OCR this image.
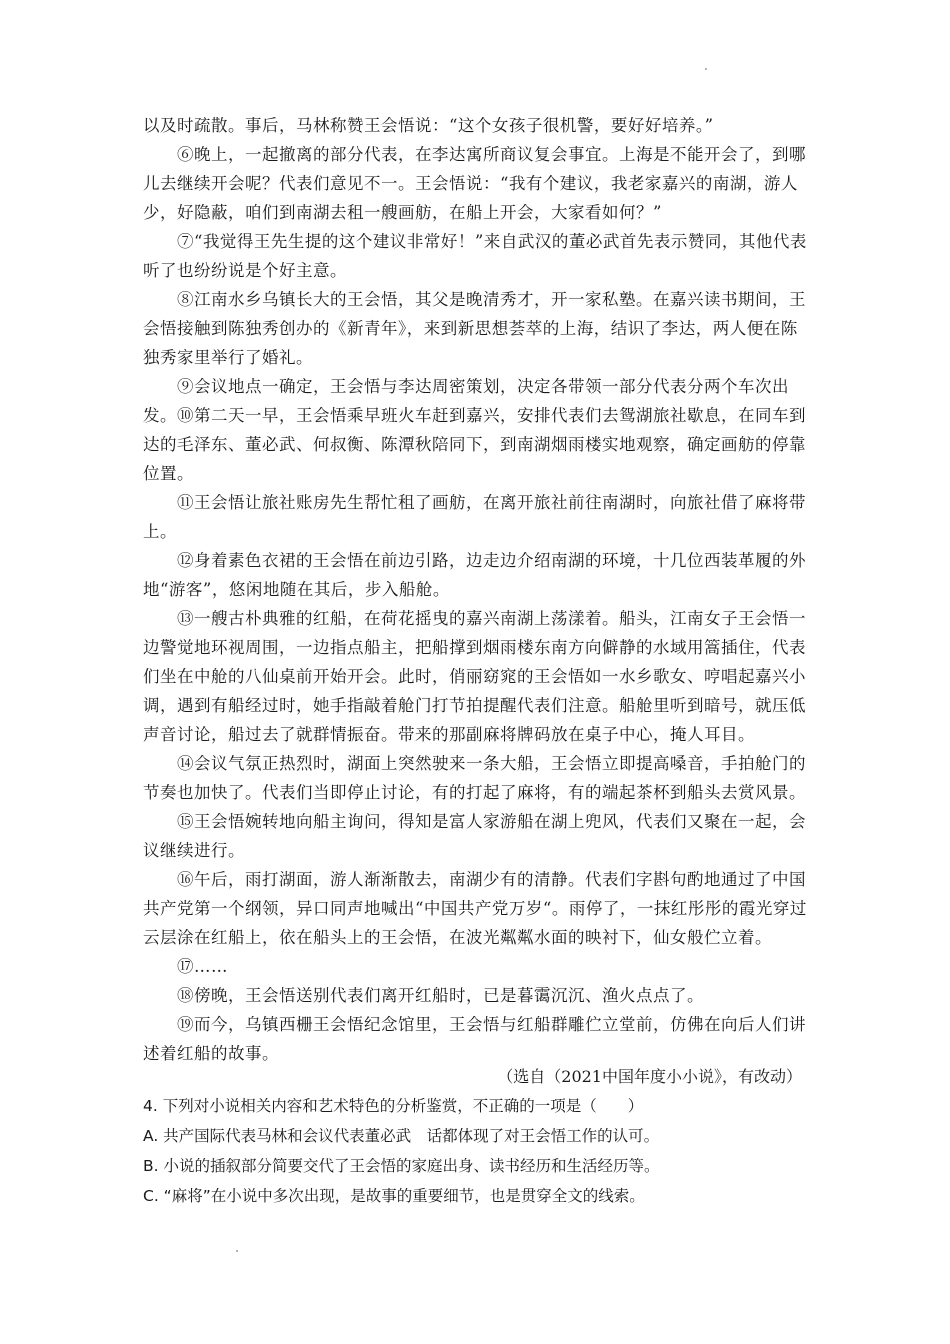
以及时疏散。事后，马林称赞王会悟说：“这个女孩子很机警，要好好培养。”

⑥晚上，一起撤离的部分代表，在李达寓所商议复会事宜。上海是不能开会了，到哪儿去继续开会呢？代表们意见不一。王会悟说：“我有个建议，我老家嘉兴的南湖，游人少，好隐蔽，咱们到南湖去租一艘画舫，在船上开会，大家看如何？”

⑦“我觉得王先生提的这个建议非常好！”来自武汉的董必武首先表示赞同，其他代表听了也纷纷说是个好主意。

⑧江南水乡乌镇长大的王会悟，其父是晚清秀才，开一家私塾。在嘉兴读书期间，王会悟接触到陈独秀创办的《新青年》，来到新思想荟萃的上海，结识了李达，两人便在陈独秀家里举行了婚礼。

⑨会议地点一确定，王会悟与李达周密策划，决定各带领一部分代表分两个车次出发。 ⑩第二天一早，王会悟乘早班火车赶到嘉兴，安排代表们去鸳湖旅社歇息，在同车到达的毛泽东、董必武、何叔衡、陈潭秋陪同下，到南湖烟雨楼实地观察，确定画舫的停靠位置。

⑪王会悟让旅社账房先生帮忙租了画舫，在离开旅社前往南湖时，向旅社借了麻将带上。

⑫身着素色衣裙的王会悟在前边引路，边走边介绍南湖的环境，十几位西装革履的外地“游客”，悠闲地随在其后，步入船舱。

⑬一艘古朴典雅的红船，在荷花摇曳的嘉兴南湖上荡漾着。船头，江南女子王会悟一边警觉地环视周围，一边指点船主，把船撑到烟雨楼东南方向僻静的水域用篙插住，代表们坐在中舱的八仙桌前开始开会。此时，俏丽窈窕的王会悟如一水乡歌女、哼唱起嘉兴小调，遇到有船经过时，她手指敲着舱门打节拍提醒代表们注意。船舱里听到暗号，就压低声音讨论，船过去了就群情振奋。带来的那副麻将牌码放在桌子中心，掩人耳目。

⑭会议气氛正热烈时，湖面上突然驶来一条大船，王会悟立即提高嗓音，手拍舱门的节奏也加快了。代表们当即停止讨论，有的打起了麻将，有的端起茶杯到船头去赏风景。

⑮王会悟婉转地向船主询问，得知是富人家游船在湖上兜风，代表们又聚在一起，会议继续进行。

⑯午后，雨打湖面，游人渐渐散去，南湖少有的清静。代表们字斟句酌地通过了中国共产党第一个纲领，异口同声地喊出“中国共产党万岁“。雨停了，一抹红彤彤的霞光穿过云层涂在红船上，依在船头上的王会悟，在波光粼粼水面的映衬下，仙女般伫立着。

⑰……

⑱傍晚，王会悟送别代表们离开红船时，已是暮霭沉沉、渔火点点了。

⑲而今，乌镇西栅王会悟纪念馆里，王会悟与红船群雕伫立堂前，仿佛在向后人们讲述着红船的故事。

（选自（2021中国年度小小说》，有改动）

4. 下列对小说相关内容和艺术特色的分析鉴赏，不正确的一项是（　　）

A. 共产国际代表马林和会议代表董必武　话都体现了对王会悟工作的认可。

B. 小说的插叙部分简要交代了王会悟的家庭出身、读书经历和生活经历等。

C. “麻将”在小说中多次出现，是故事的重要细节，也是贯穿全文的线索。
